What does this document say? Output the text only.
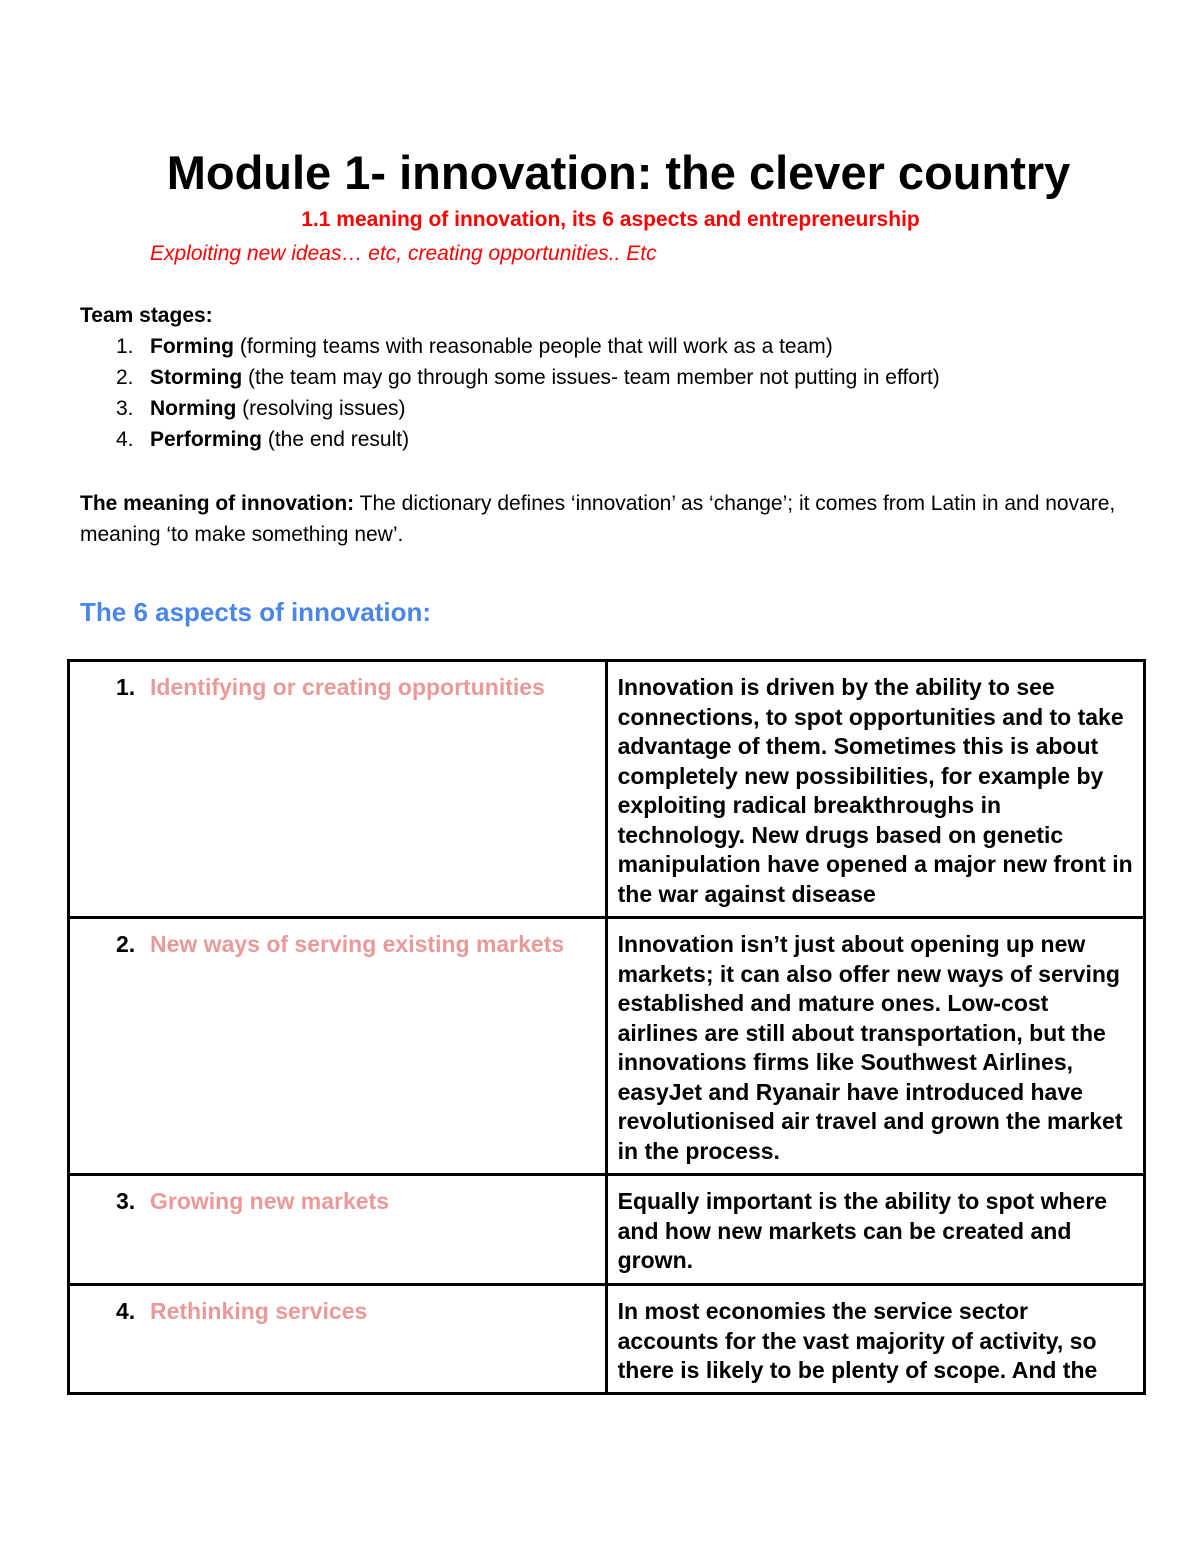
Module 1- innovation: the clever country

1.1 meaning of innovation, its 6 aspects and entrepreneurship

Exploiting new ideas… etc, creating opportunities.. Etc

Team stages:

1. Forming (forming teams with reasonable people that will work as a team)
2. Storming (the team may go through some issues- team member not putting in effort)
3. Norming (resolving issues)
4. Performing (the end result)

The meaning of innovation: The dictionary defines ‘innovation’ as ‘change’; it comes from Latin in and novare, meaning ‘to make something new’.

The 6 aspects of innovation:
1. Identifying or creating opportunities	Innovation is driven by the ability to see connections, to spot opportunities and to take advantage of them. Sometimes this is about completely new possibilities, for example by exploiting radical breakthroughs in technology. New drugs based on genetic manipulation have opened a major new front in the war against disease

2. New ways of serving existing markets	Innovation isn’t just about opening up new markets; it can also offer new ways of serving established and mature ones. Low-cost airlines are still about transportation, but the innovations firms like Southwest Airlines, easyJet and Ryanair have introduced have revolutionised air travel and grown the market in the process.

3. Growing new markets	Equally important is the ability to spot where and how new markets can be created and grown.

4. Rethinking services	In most economies the service sector accounts for the vast majority of activity, so there is likely to be plenty of scope. And the
